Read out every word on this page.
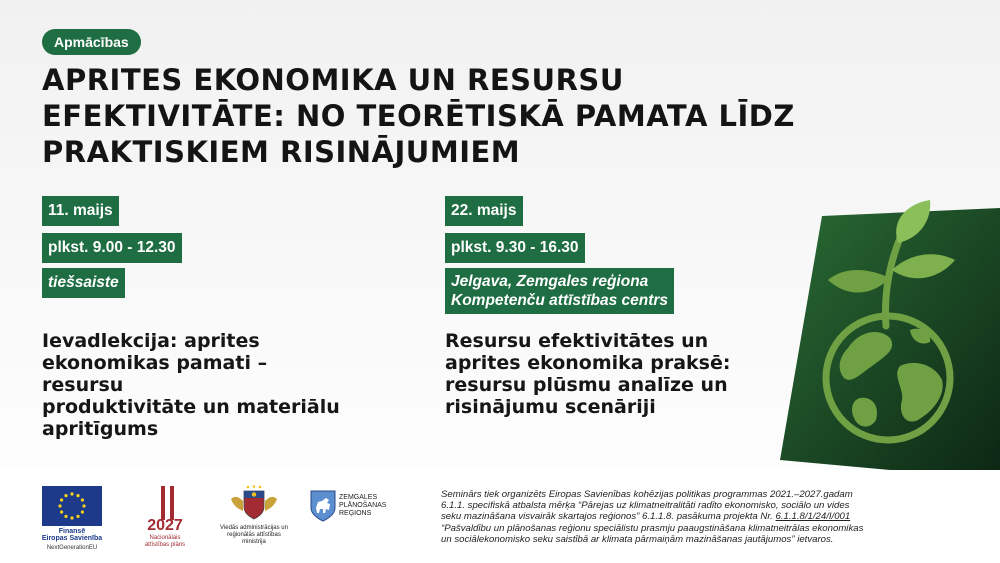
Apmācības
APRITES EKONOMIKA UN RESURSU
EFEKTIVITĀTE: NO TEORĒTISKĀ PAMATA LĪDZ
PRAKTISKIEM RISINĀJUMIEM
11. maijs
plkst. 9.00 - 12.30
tiešsaiste
Ievadlekcija: aprites
ekonomikas pamati –
resursu
produktivitāte un materiālu
apritīgums
22. maijs
plkst. 9.30 - 16.30
Jelgava, Zemgales reģiona
Kompetenču attīstības centrs
Resursu efektivitātes un
aprites ekonomika praksē:
resursu plūsmu analīze un
risinājumu scenāriji
Finansē
Eiropas Savienība
NextGenerationEU
2027
Nacionālais
attīstības plāns
Viedās administrācijas un
reģionālās attīstības
ministrija
ZEMGALES
PLĀNOŠANAS
REĢIONS
Seminārs tiek organizēts Eiropas Savienības kohēzijas politikas programmas 2021.–2027.gadam
6.1.1. specifiskā atbalsta mērķa “Pārejas uz klimatneitralitāti radīto ekonomisko, sociālo un vides
seku mazināšana visvairāk skartajos reģionos” 6.1.1.8. pasākuma projekta Nr. 6.1.1.8/1/24/I/001
“Pašvaldību un plānošanas reģionu speciālistu prasmju paaugstināšana klimatneitrālas ekonomikas
un sociālekonomisko seku saistībā ar klimata pārmaiņām mazināšanas jautājumos” ietvaros.
